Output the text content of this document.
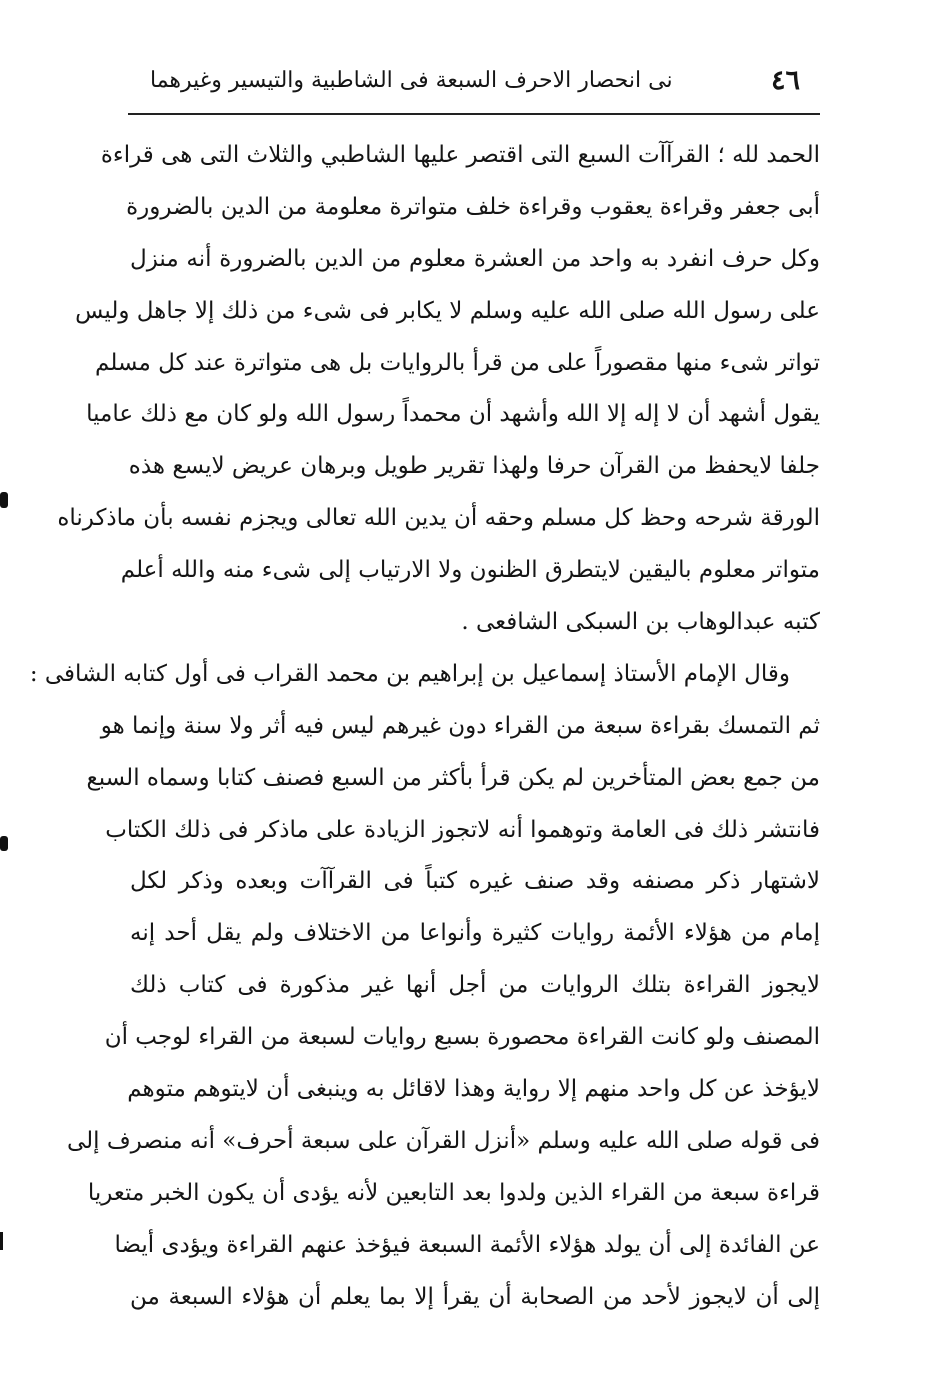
٤٦
نى انحصار الاحرف السبعة فى الشاطبية والتيسير وغيرهما
الحمد لله ؛ القرآآت السبع التى اقتصر عليها الشاطبي والثلاث التى هى قراءة
أبى جعفر وقراءة يعقوب وقراءة خلف متواترة معلومة من الدين بالضرورة
وكل حرف انفرد به واحد من العشرة معلوم من الدين بالضرورة أنه منزل
على رسول الله صلى الله عليه وسلم لا يكابر فى شىء من ذلك إلا جاهل وليس
تواتر شىء منها مقصوراً على من قرأ بالروايات بل هى متواترة عند كل مسلم
يقول أشهد أن لا إله إلا الله وأشهد أن محمداً رسول الله ولو كان مع ذلك عاميا
جلفا لايحفظ من القرآن حرفا ولهذا تقرير طويل وبرهان عريض لايسع هذه
الورقة شرحه وحظ كل مسلم وحقه أن يدين الله تعالى ويجزم نفسه بأن ماذكرناه
متواتر معلوم باليقين لايتطرق الظنون ولا الارتياب إلى شىء منه والله أعلم
كتبه عبدالوهاب بن السبكى الشافعى .
وقال الإمام الأستاذ إسماعيل بن إبراهيم بن محمد القراب فى أول كتابه الشافى :
ثم التمسك بقراءة سبعة من القراء دون غيرهم ليس فيه أثر ولا سنة وإنما هو
من جمع بعض المتأخرين لم يكن قرأ بأكثر من السبع فصنف كتابا وسماه السبع
فانتشر ذلك فى العامة وتوهموا أنه لاتجوز الزيادة على ماذكر فى ذلك الكتاب
لاشتهار ذكر مصنفه وقد صنف غيره كتباً فى القرآآت وبعده وذكر لكل
إمام من هؤلاء الأئمة روايات كثيرة وأنواعا من الاختلاف ولم يقل أحد إنه
لايجوز القراءة بتلك الروايات من أجل أنها غير مذكورة فى كتاب ذلك
المصنف ولو كانت القراءة محصورة بسبع روايات لسبعة من القراء لوجب أن
لايؤخذ عن كل واحد منهم إلا رواية وهذا لاقائل به وينبغى أن لايتوهم متوهم
فى قوله صلى الله عليه وسلم «أنزل القرآن على سبعة أحرف» أنه منصرف إلى
قراءة سبعة من القراء الذين ولدوا بعد التابعين لأنه يؤدى أن يكون الخبر متعريا
عن الفائدة إلى أن يولد هؤلاء الأئمة السبعة فيؤخذ عنهم القراءة ويؤدى أيضا
إلى أن لايجوز لأحد من الصحابة أن يقرأ إلا بما يعلم أن هؤلاء السبعة من
